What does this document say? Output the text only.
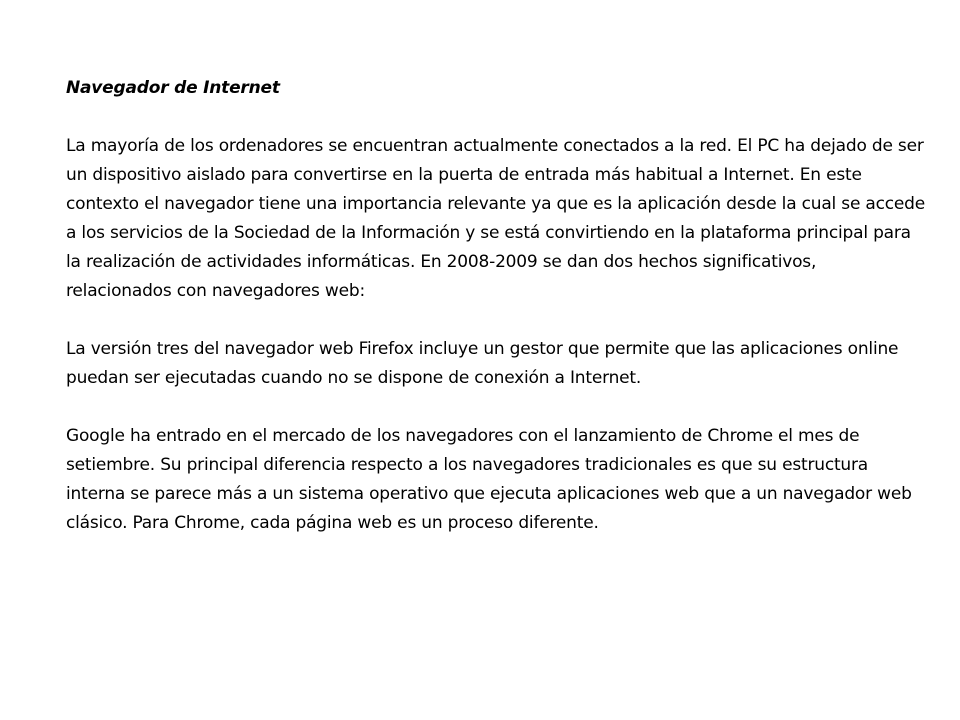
Navegador de Internet

La mayoría de los ordenadores se encuentran actualmente conectados a la red. El PC ha dejado de ser un dispositivo aislado para convertirse en la puerta de entrada más habitual a Internet. En este contexto el navegador tiene una importancia relevante ya que es la aplicación desde la cual se accede a los servicios de la Sociedad de la Información y se está convirtiendo en la plataforma principal para la realización de actividades informáticas. En 2008-2009 se dan dos hechos significativos, relacionados con navegadores web:

La versión tres del navegador web Firefox incluye un gestor que permite que las aplicaciones online puedan ser ejecutadas cuando no se dispone de conexión a Internet.

Google ha entrado en el mercado de los navegadores con el lanzamiento de Chrome el mes de setiembre. Su principal diferencia respecto a los navegadores tradicionales es que su estructura interna se parece más a un sistema operativo que ejecuta aplicaciones web que a un navegador web clásico. Para Chrome, cada página web es un proceso diferente.
